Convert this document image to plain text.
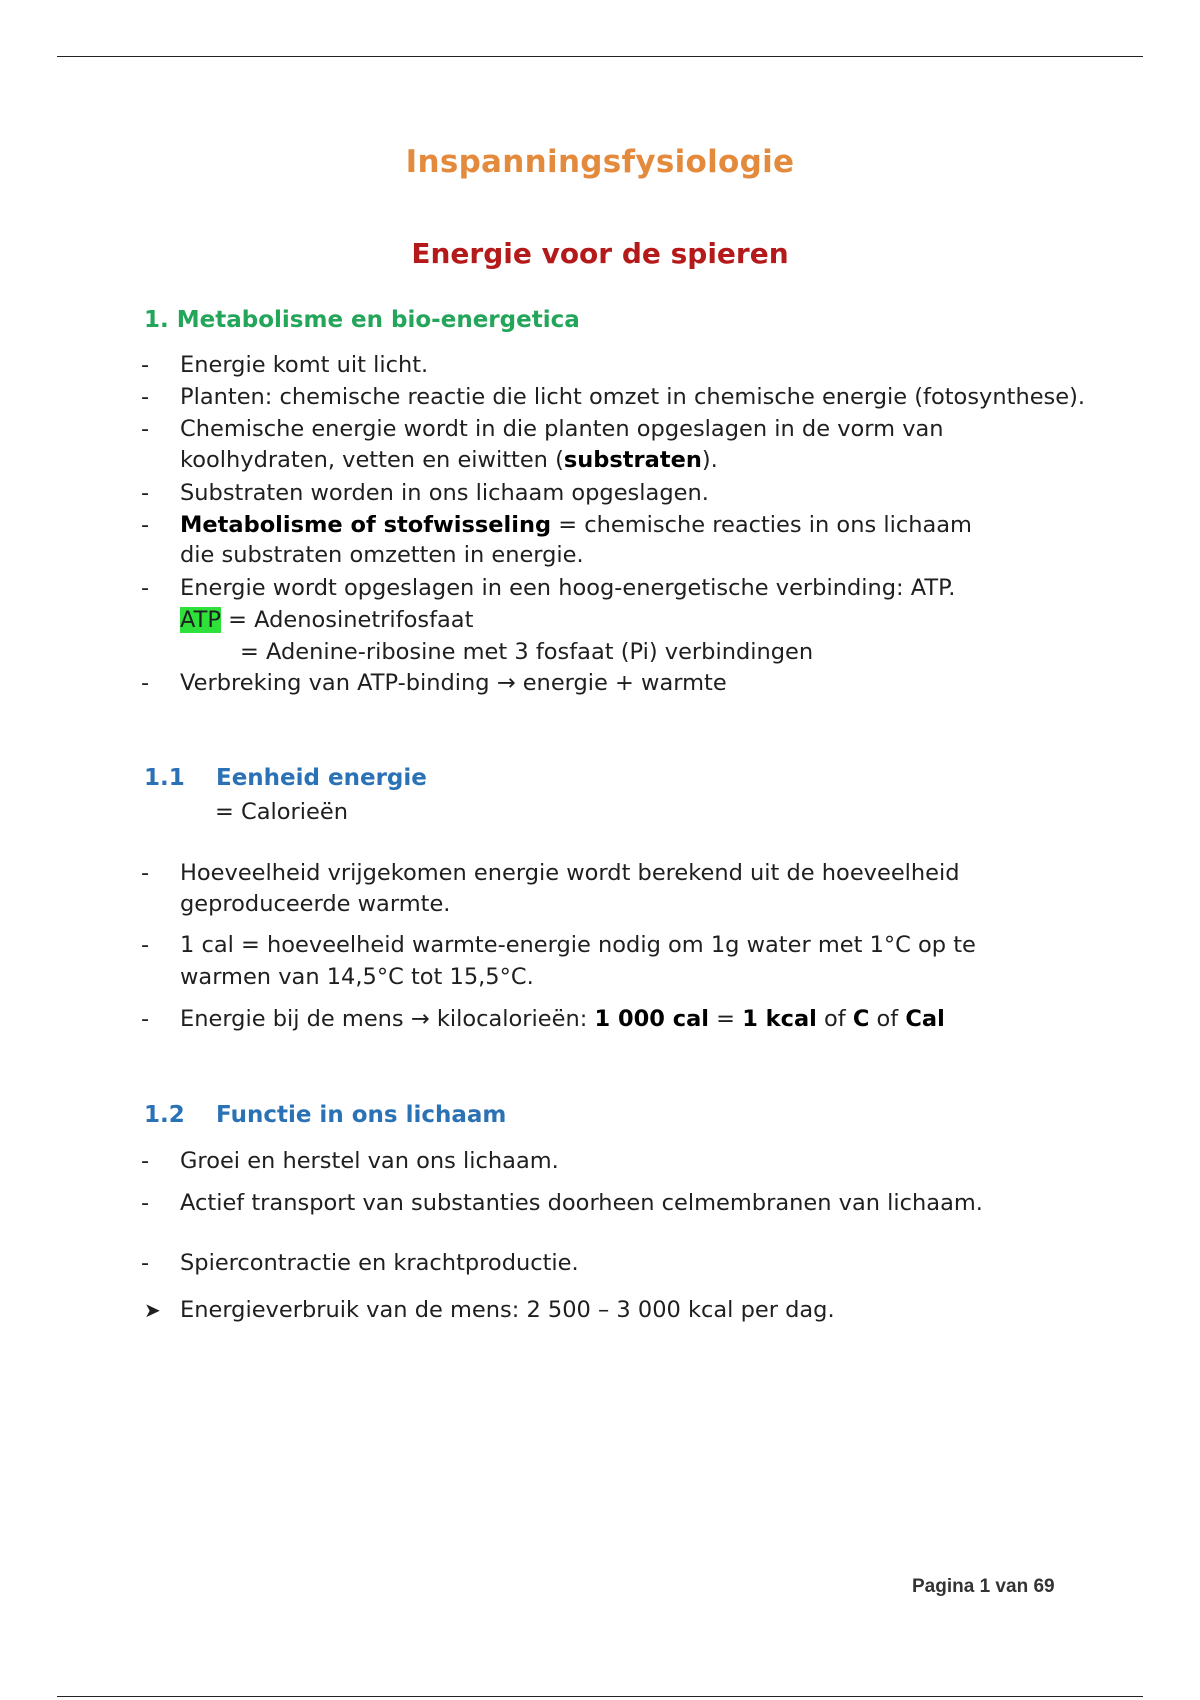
Inspanningsfysiologie
Energie voor de spieren
1. Metabolisme en bio-energetica
- Energie komt uit licht.
- Planten: chemische reactie die licht omzet in chemische energie (fotosynthese).
- Chemische energie wordt in die planten opgeslagen in de vorm van
koolhydraten, vetten en eiwitten (substraten).
- Substraten worden in ons lichaam opgeslagen.
- Metabolisme of stofwisseling = chemische reacties in ons lichaam
die substraten omzetten in energie.
- Energie wordt opgeslagen in een hoog-energetische verbinding: ATP.
ATP = Adenosinetrifosfaat
= Adenine-ribosine met 3 fosfaat (Pi) verbindingen
- Verbreking van ATP-binding → energie + warmte
1.1 Eenheid energie
= Calorieën
- Hoeveelheid vrijgekomen energie wordt berekend uit de hoeveelheid
geproduceerde warmte.
- 1 cal = hoeveelheid warmte-energie nodig om 1g water met 1°C op te
warmen van 14,5°C tot 15,5°C.
- Energie bij de mens → kilocalorieën: 1 000 cal = 1 kcal of C of Cal
1.2 Functie in ons lichaam
- Groei en herstel van ons lichaam.
- Actief transport van substanties doorheen celmembranen van lichaam.
- Spiercontractie en krachtproductie.
➤ Energieverbruik van de mens: 2 500 – 3 000 kcal per dag.
Pagina 1 van 69
